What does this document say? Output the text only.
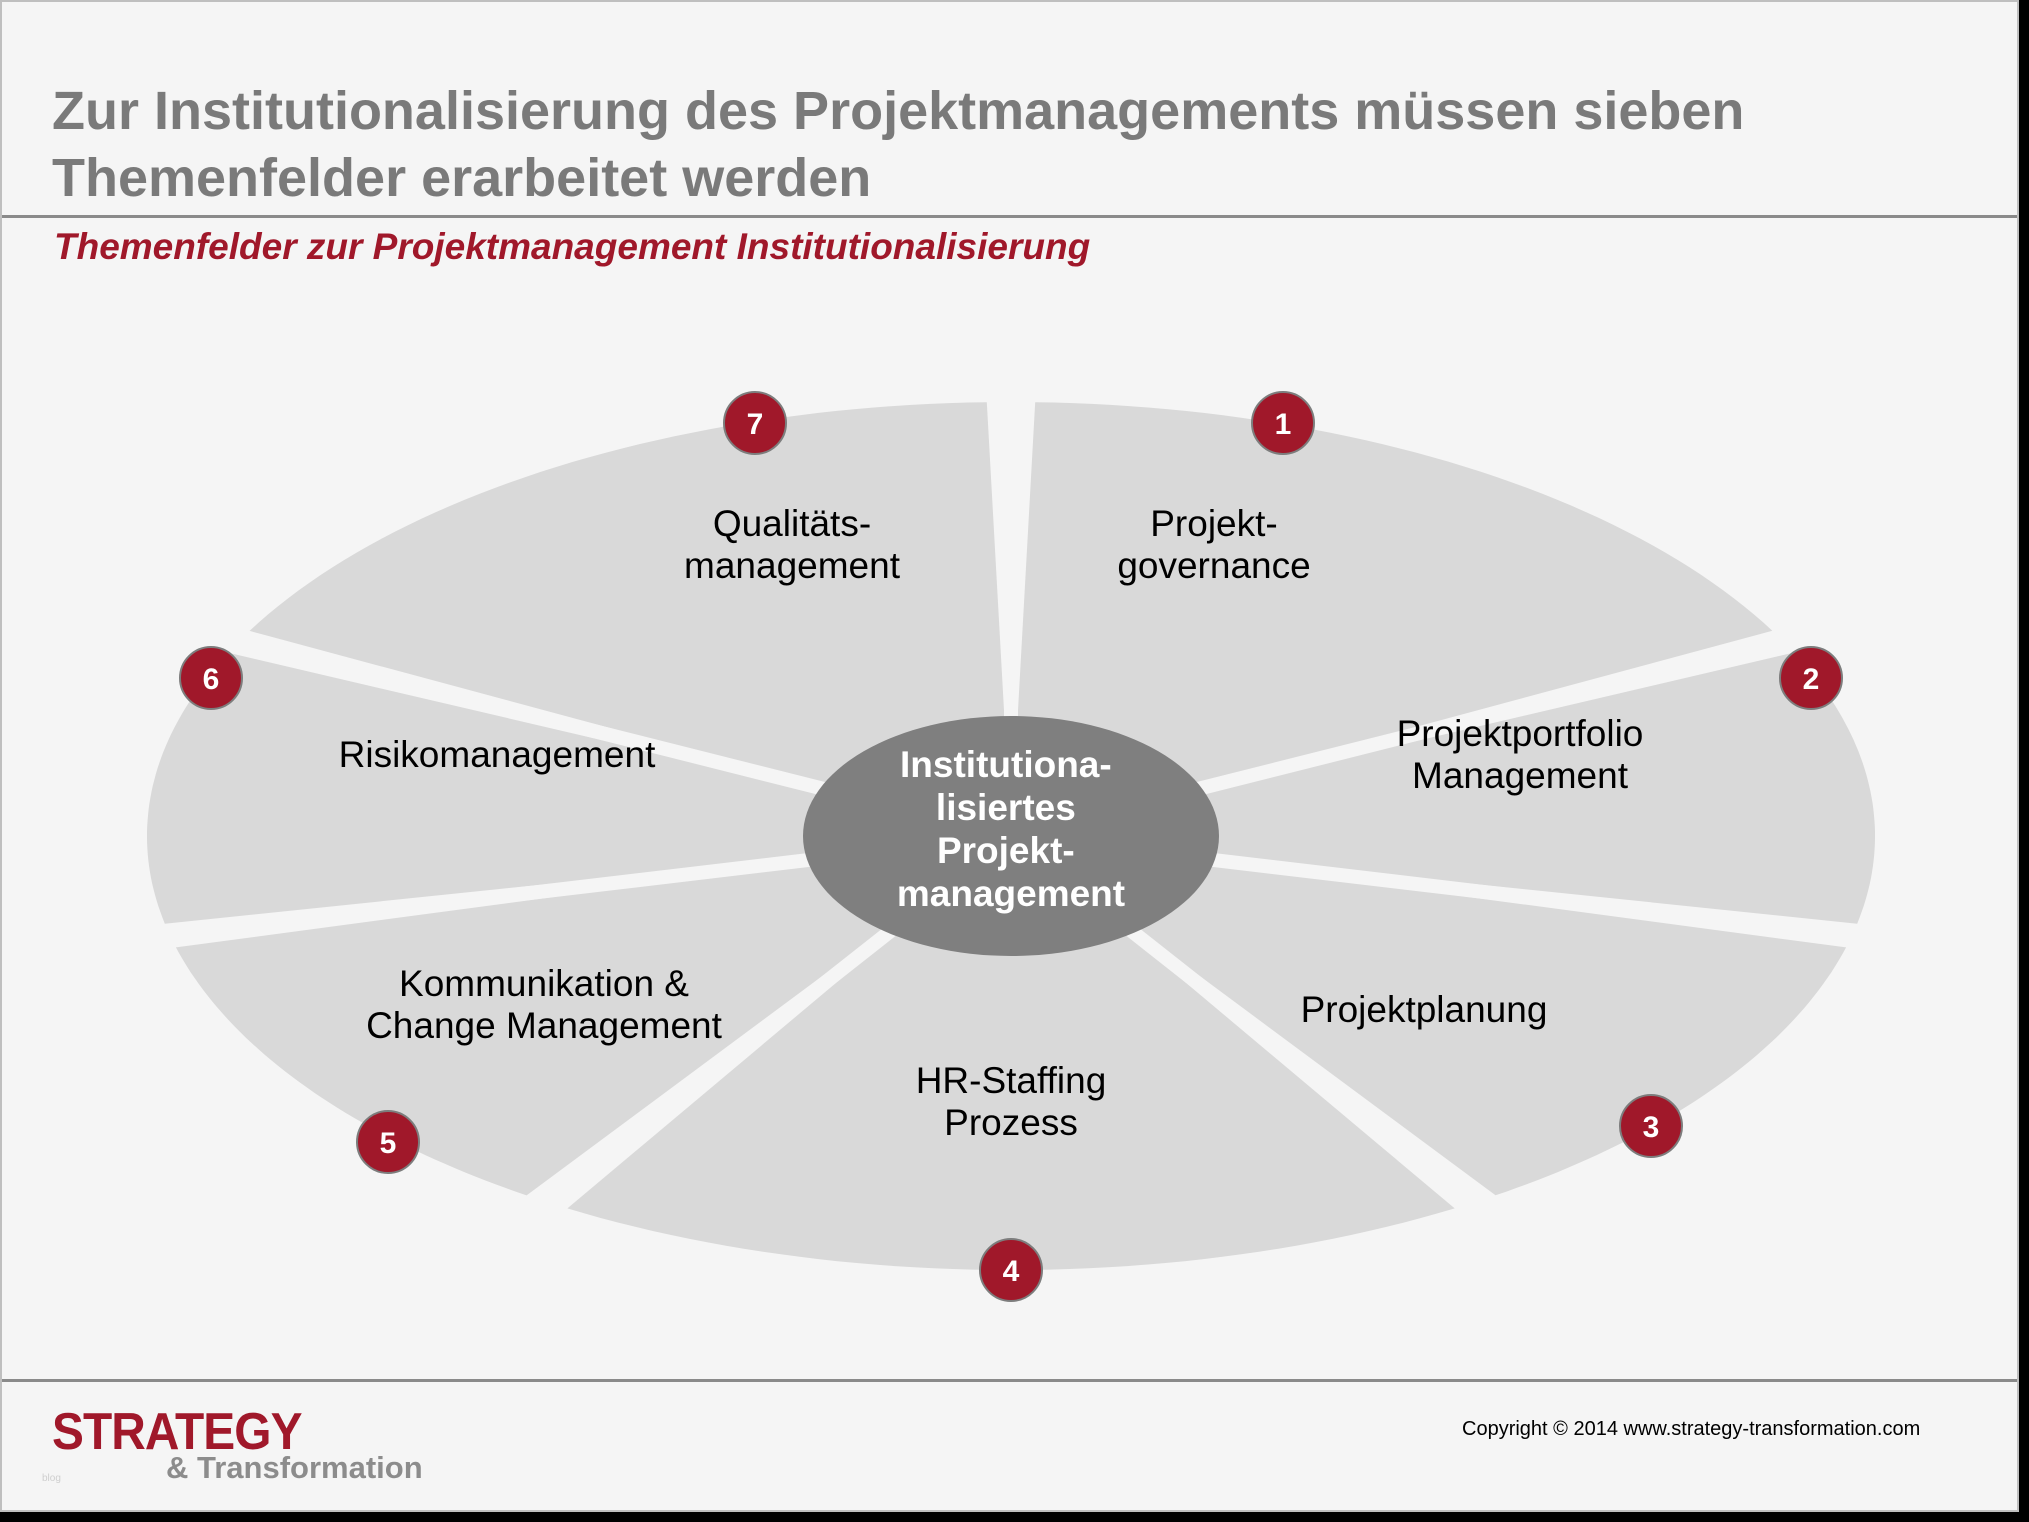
Zur Institutionalisierung des Projektmanagements müssen sieben
Themenfelder erarbeitet werden
Themenfelder zur Projektmanagement Institutionalisierung
Institutiona- lisiertes Projekt- management
Projekt-governance
Projektportfolio Management
Projektplanung
HR-Staffing Prozess
Kommunikation & Change Management
Risikomanagement
Qualitäts-management
1
2
3
4
5
6
7
STRATEGY
& Transformation
blog
Copyright © 2014 www.strategy-transformation.com
